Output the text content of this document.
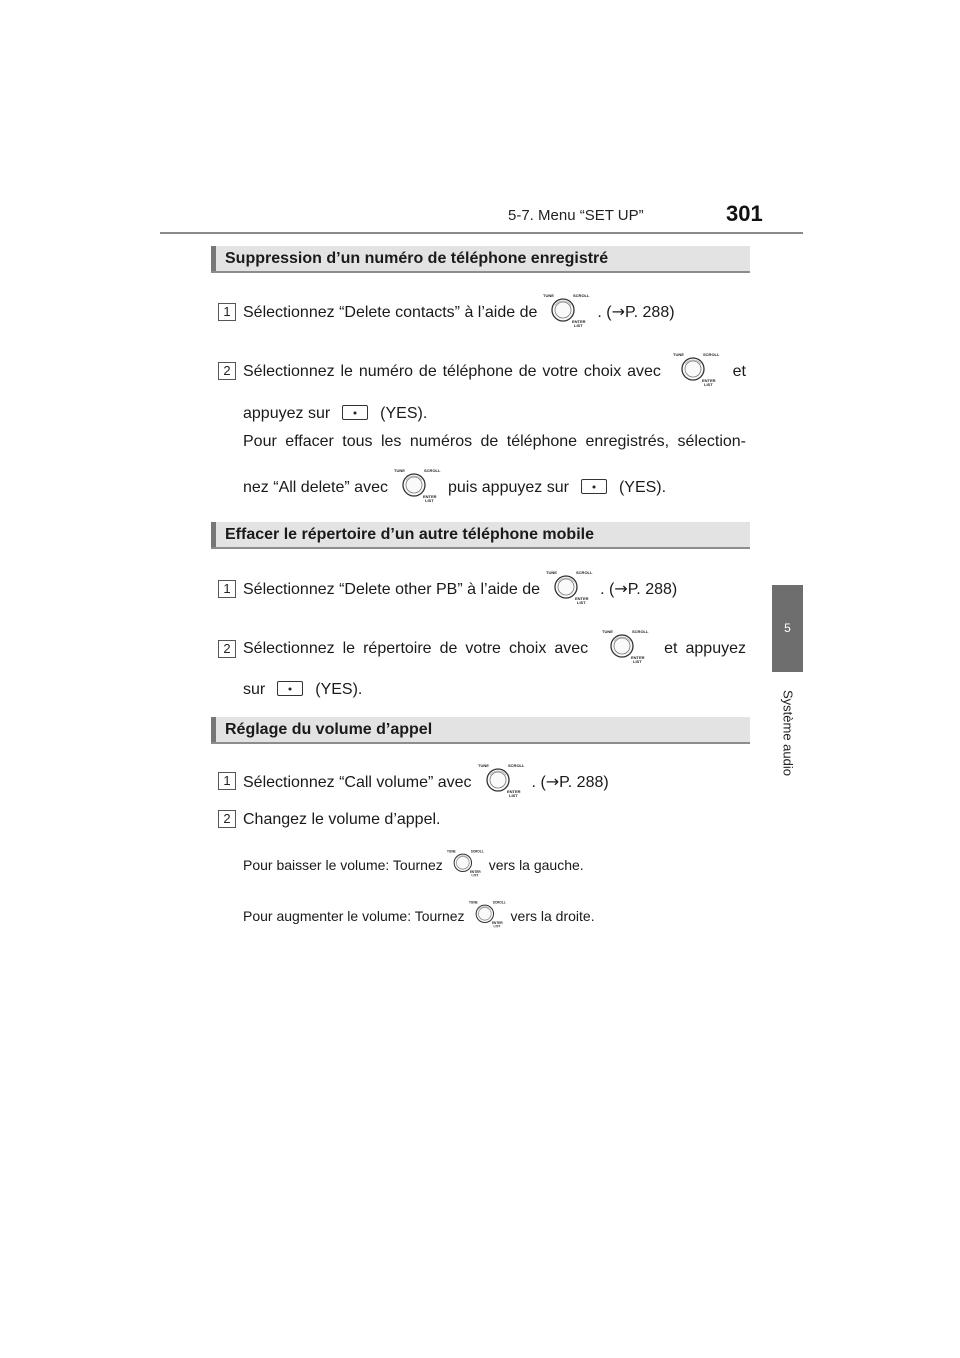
5-7. Menu “SET UP”	301
5
Système audio
Suppression d’un numéro de téléphone enregistré
1 Sélectionnez “Delete contacts” à l’aide de	. (→P. 288)
2 Sélectionnez le numéro de téléphone de votre choix avec	et
appuyez sur	(YES).
Pour effacer tous les numéros de téléphone enregistrés, sélection-
nez “All delete” avec	puis appuyez sur	(YES).
Effacer le répertoire d’un autre téléphone mobile
1 Sélectionnez “Delete other PB” à l’aide de	. (→P. 288)
2 Sélectionnez le répertoire de votre choix avec	et appuyez
sur	(YES).
Réglage du volume d’appel
1 Sélectionnez “Call volume” avec	. (→P. 288)
2 Changez le volume d’appel.
Pour baisser le volume: Tournez	vers la gauche.
Pour augmenter le volume: Tournez	vers la droite.
